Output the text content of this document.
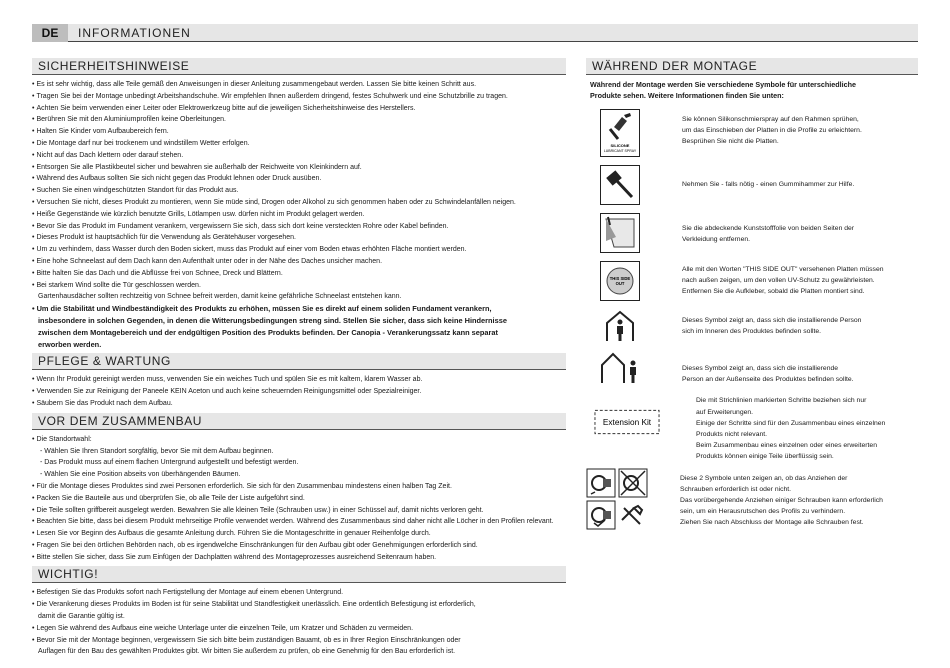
DE	INFORMATIONEN
SICHERHEITSHINWEISE
• Es ist sehr wichtig, dass alle Teile gemäß den Anweisungen in dieser Anleitung zusammengebaut werden. Lassen Sie bitte keinen Schritt aus.
• Tragen Sie bei der Montage unbedingt Arbeitshandschuhe. Wir empfehlen Ihnen außerdem dringend, festes Schuhwerk und eine Schutzbrille zu tragen.
• Achten Sie beim verwenden einer Leiter oder Elektrowerkzeug bitte auf die jeweiligen Sicherheitshinweise des Herstellers.
• Berühren Sie mit den Aluminiumprofilen keine Oberleitungen.
• Halten Sie Kinder vom Aufbaubereich fern.
• Die Montage darf nur bei trockenem und windstillem Wetter erfolgen.
• Nicht auf das Dach klettern oder darauf stehen.
• Entsorgen Sie alle Plastikbeutel sicher und bewahren sie außerhalb der Reichweite von Kleinkindern auf.
• Während des Aufbaus sollten Sie sich nicht gegen das Produkt lehnen oder Druck ausüben.
• Suchen Sie einen windgeschützten Standort für das Produkt aus.
• Versuchen Sie nicht, dieses Produkt zu montieren, wenn Sie müde sind, Drogen oder Alkohol zu sich genommen haben oder zu Schwindelanfällen neigen.
• Heiße Gegenstände wie kürzlich benutzte Grills, Lötlampen usw. dürfen nicht im Produkt gelagert werden.
• Bevor Sie das Produkt im Fundament verankern, vergewissern Sie sich, dass sich dort keine versteckten Rohre oder Kabel befinden.
• Dieses Produkt ist hauptsächlich für die Verwendung als Gerätehäuser vorgesehen.
• Um zu verhindern, dass Wasser durch den Boden sickert, muss das Produkt auf einer vom Boden etwas erhöhten Fläche montiert werden.
• Eine hohe Schneelast auf dem Dach kann den Aufenthalt unter oder in der Nähe des Daches unsicher machen.
• Bitte halten Sie das Dach und die Abflüsse frei von Schnee, Dreck und Blättern.
• Bei starkem Wind sollte die Tür geschlossen werden.
Gartenhausdächer sollten rechtzeitig von Schnee befreit werden, damit keine gefährliche Schneelast entstehen kann.
• Um die Stabilität und Windbeständigkeit des Produkts zu erhöhen, müssen Sie es direkt auf einem soliden Fundament verankern,
insbesondere in solchen Gegenden, in denen die Witterungsbedingungen streng sind. Stellen Sie sicher, dass sich keine Hindernisse
zwischen dem Montagebereich und der endgültigen Position des Produkts befinden. Der Canopia - Verankerungssatz kann separat
erworben werden.
PFLEGE & WARTUNG
• Wenn Ihr Produkt gereinigt werden muss, verwenden Sie ein weiches Tuch und spülen Sie es mit kaltem, klarem Wasser ab.
• Verwenden Sie zur Reinigung der Paneele KEIN Aceton und auch keine scheuernden Reinigungsmittel oder Spezialreiniger.
• Säubern Sie das Produkt nach dem Aufbau.
VOR DEM ZUSAMMENBAU
• Die Standortwahl:
- Wählen Sie Ihren Standort sorgfältig, bevor Sie mit dem Aufbau beginnen.
- Das Produkt muss auf einem flachen Untergrund aufgestellt und befestigt werden.
- Wählen Sie eine Position abseits von überhängenden Bäumen.
• Für die Montage dieses Produktes sind zwei Personen erforderlich. Sie sich für den Zusammenbau mindestens einen halben Tag Zeit.
• Packen Sie die Bauteile aus und überprüfen Sie, ob alle Teile der Liste aufgeführt sind.
• Die Teile sollten griffbereit ausgelegt werden. Bewahren Sie alle kleinen Teile (Schrauben usw.) in einer Schüssel auf, damit nichts verloren geht.
• Beachten Sie bitte, dass bei diesem Produkt mehrseitige Profile verwendet werden. Während des Zusammenbaus sind daher nicht alle Löcher in den Profilen relevant.
• Lesen Sie vor Beginn des Aufbaus die gesamte Anleitung durch. Führen Sie die Montageschritte in genauer Reihenfolge durch.
• Fragen Sie bei den örtlichen Behörden nach, ob es irgendwelche Einschränkungen für den Aufbau gibt oder Genehmigungen erforderlich sind.
• Bitte stellen Sie sicher, dass Sie zum Einfügen der Dachplatten während des Montageprozesses ausreichend Seitenraum haben.
WICHTIG!
• Befestigen Sie das Produkts sofort nach Fertigstellung der Montage auf einem ebenen Untergrund.
• Die Verankerung dieses Produkts im Boden ist für seine Stabilität und Standfestigkeit unerlässlich. Eine ordentlich Befestigung ist erforderlich,
damit die Garantie gültig ist.
• Legen Sie während des Aufbaus eine weiche Unterlage unter die einzelnen Teile, um Kratzer und Schäden zu vermeiden.
• Bevor Sie mit der Montage beginnen, vergewissern Sie sich bitte beim zuständigen Bauamt, ob es in Ihrer Region Einschränkungen oder
Auflagen für den Bau des gewählten Produktes gibt. Wir bitten Sie außerdem zu prüfen, ob eine Genehmig für den Bau erforderlich ist.
WÄHREND DER MONTAGE
Während der Montage werden Sie verschiedene Symbole für unterschiedliche
Produkte sehen. Weitere Informationen finden Sie unten:
SILICONE
LUBRICANT SPRAY

Sie können Silikonschmierspray auf den Rahmen sprühen,

um das Einschieben der Platten in die Profile zu erleichtern.

Besprühen Sie nicht die Platten.

Nehmen Sie - falls nötig - einen Gummihammer zur Hilfe.

Sie die abdeckende Kunststofffolie von beiden Seiten der

Verkleidung entfernen.

THIS SIDE
OUT

Alle mit den Worten "THIS SIDE OUT" versehenen Platten müssen

nach außen zeigen, um den vollen UV-Schutz zu gewährleisten.

Entfernen Sie die Aufkleber, sobald die Platten montiert sind.

Dieses Symbol zeigt an, dass sich die installierende Person

sich im Inneren des Produktes befinden sollte.

Dieses Symbol zeigt an, dass sich die installierende

Person an der Außenseite des Produktes befinden sollte.

Extension Kit

Die mit Strichlinien markierten Schritte beziehen sich nur

auf Erweiterungen.

Einige der Schritte sind für den Zusammenbau eines einzelnen

Produkts nicht relevant.

Beim Zusammenbau eines einzelnen oder eines erweiterten

Produkts können einige Teile überflüssig sein.

Diese 2 Symbole unten zeigen an, ob das Anziehen der

Schrauben erforderlich ist oder nicht.

Das vorübergehende Anziehen einiger Schrauben kann erforderlich

sein, um ein Herausrutschen des Profils zu verhindern.

Ziehen Sie nach Abschluss der Montage alle Schrauben fest.
